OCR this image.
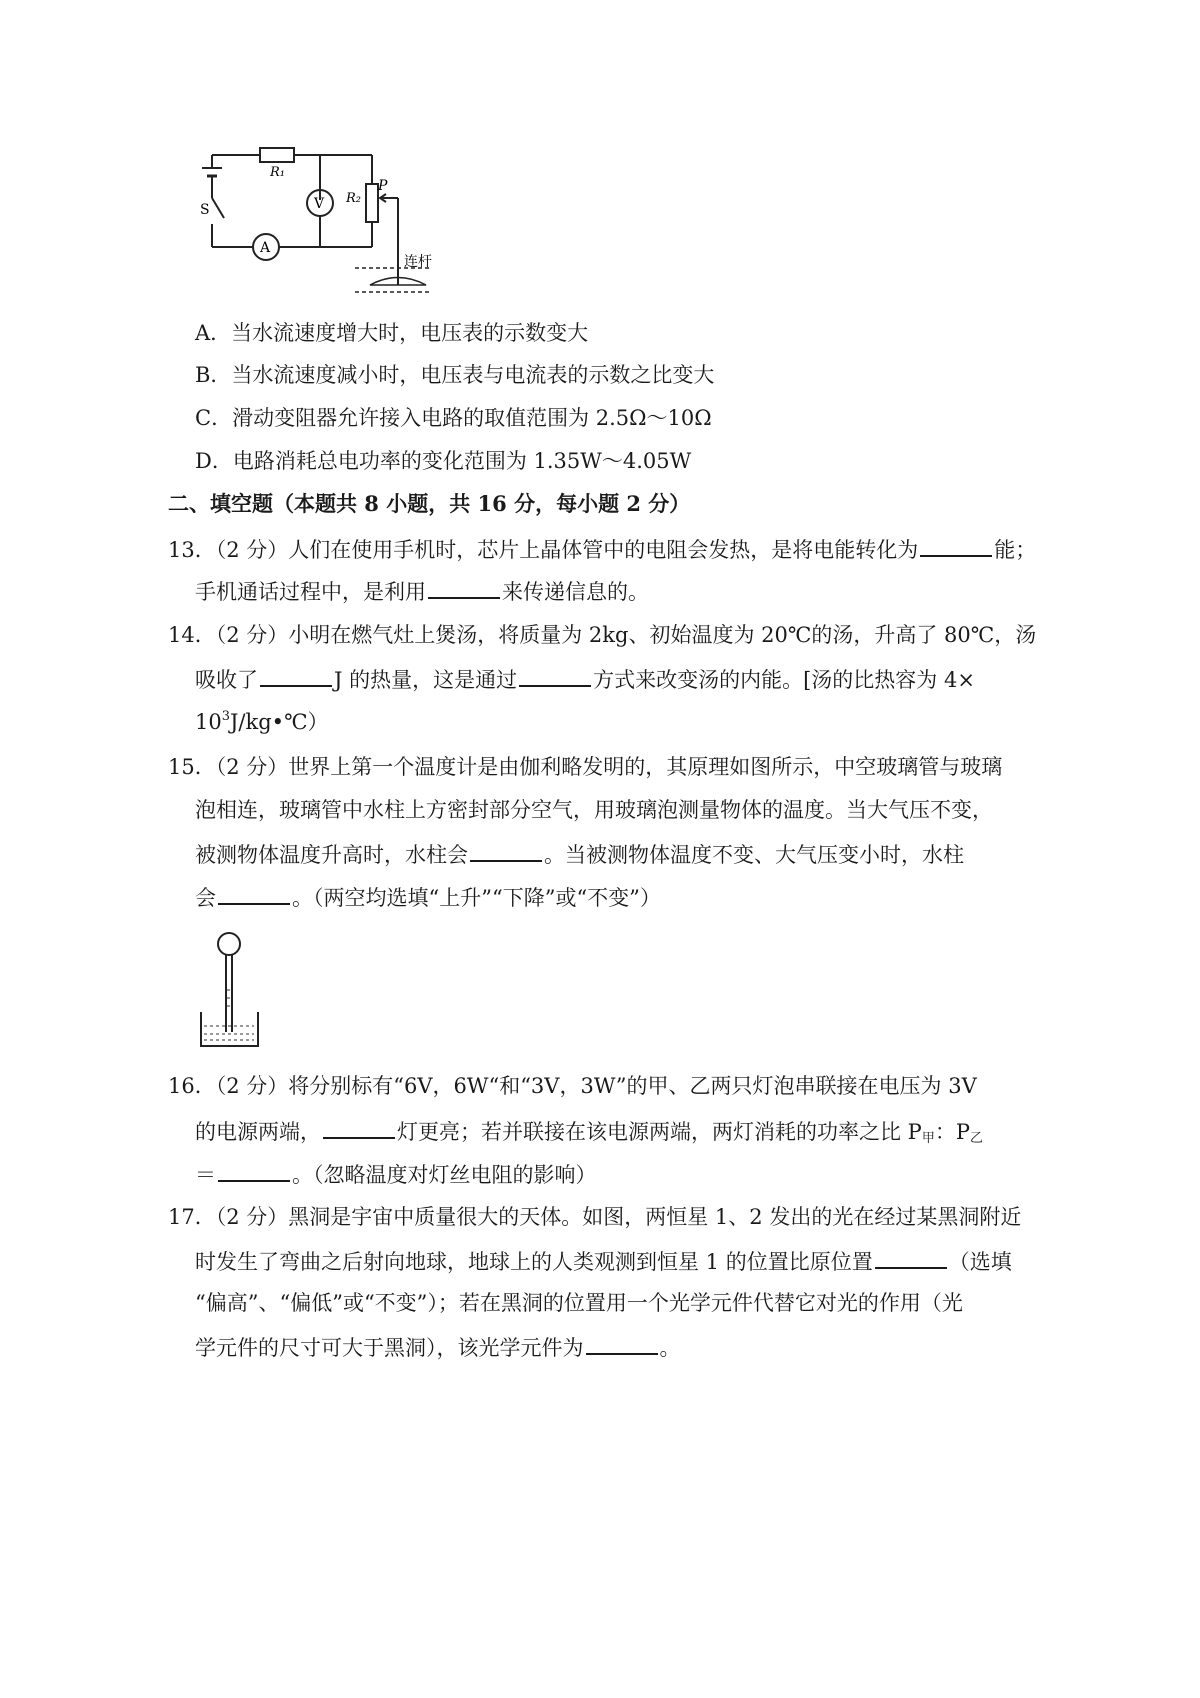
R₁
R₂
P
S	V
A
连杆
A．当水流速度增大时，电压表的示数变大
B．当水流速度减小时，电压表与电流表的示数之比变大
C．滑动变阻器允许接入电路的取值范围为 2.5Ω～10Ω
D．电路消耗总电功率的变化范围为 1.35W～4.05W
二、填空题（本题共 8 小题，共 16 分，每小题 2 分）
13．（2 分）人们在使用手机时，芯片上晶体管中的电阻会发热，是将电能转化为	能；
手机通话过程中，是利用	来传递信息的。
14．（2 分）小明在燃气灶上煲汤，将质量为 2kg、初始温度为 20℃的汤，升高了 80℃，汤
吸收了	J 的热量，这是通过	方式来改变汤的内能。[汤的比热容为 4×
$10^3J/kg•℃$）
15．（2 分）世界上第一个温度计是由伽利略发明的，其原理如图所示，中空玻璃管与玻璃
泡相连，玻璃管中水柱上方密封部分空气，用玻璃泡测量物体的温度。当大气压不变，
被测物体温度升高时，水柱会	。当被测物体温度不变、大气压变小时，水柱
会	。（两空均选填“上升”“下降”或“不变”）
16．（2 分）将分别标有“6V，6W“和“3V，3W”的甲、乙两只灯泡串联接在电压为 3V
的电源两端，	灯更亮；若并联接在该电源两端，两灯消耗的功率之比 $P_甲$：$P_乙$
＝	。（忽略温度对灯丝电阻的影响）
17．（2 分）黑洞是宇宙中质量很大的天体。如图，两恒星 1、2 发出的光在经过某黑洞附近
时发生了弯曲之后射向地球，地球上的人类观测到恒星 1 的位置比原位置	（选填
“偏高”、“偏低”或“不变”）；若在黑洞的位置用一个光学元件代替它对光的作用（光
学元件的尺寸可大于黑洞），该光学元件为	。
